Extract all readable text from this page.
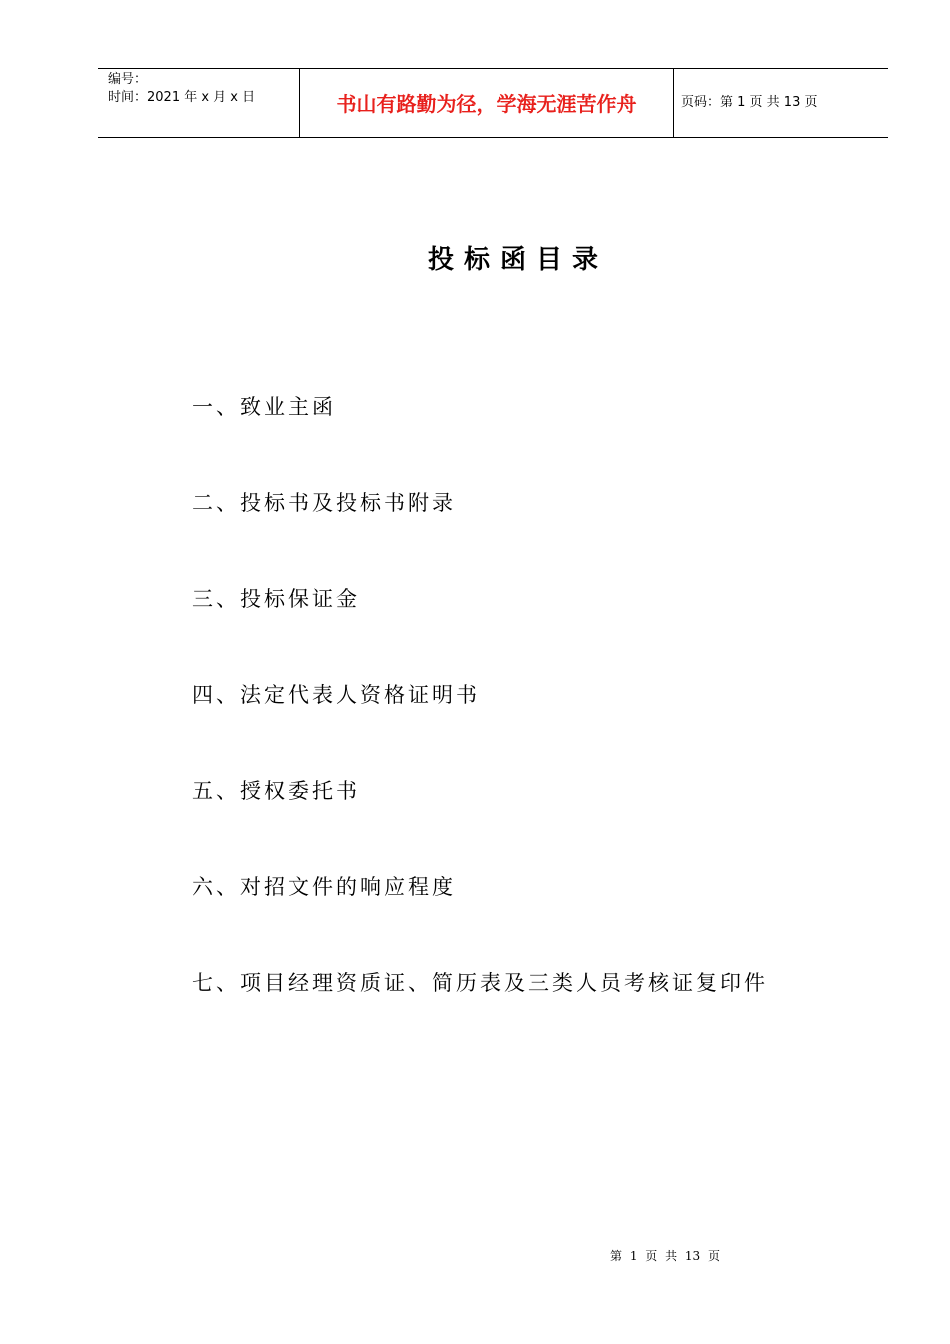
编号：
时间：2021 年 x 月 x 日	书山有路勤为径，学海无涯苦作舟	页码：第 1 页 共 13 页
投标函目录
一、致业主函
二、投标书及投标书附录
三、投标保证金
四、法定代表人资格证明书
五、授权委托书
六、对招文件的响应程度
七、项目经理资质证、简历表及三类人员考核证复印件
第 1 页 共 13 页
